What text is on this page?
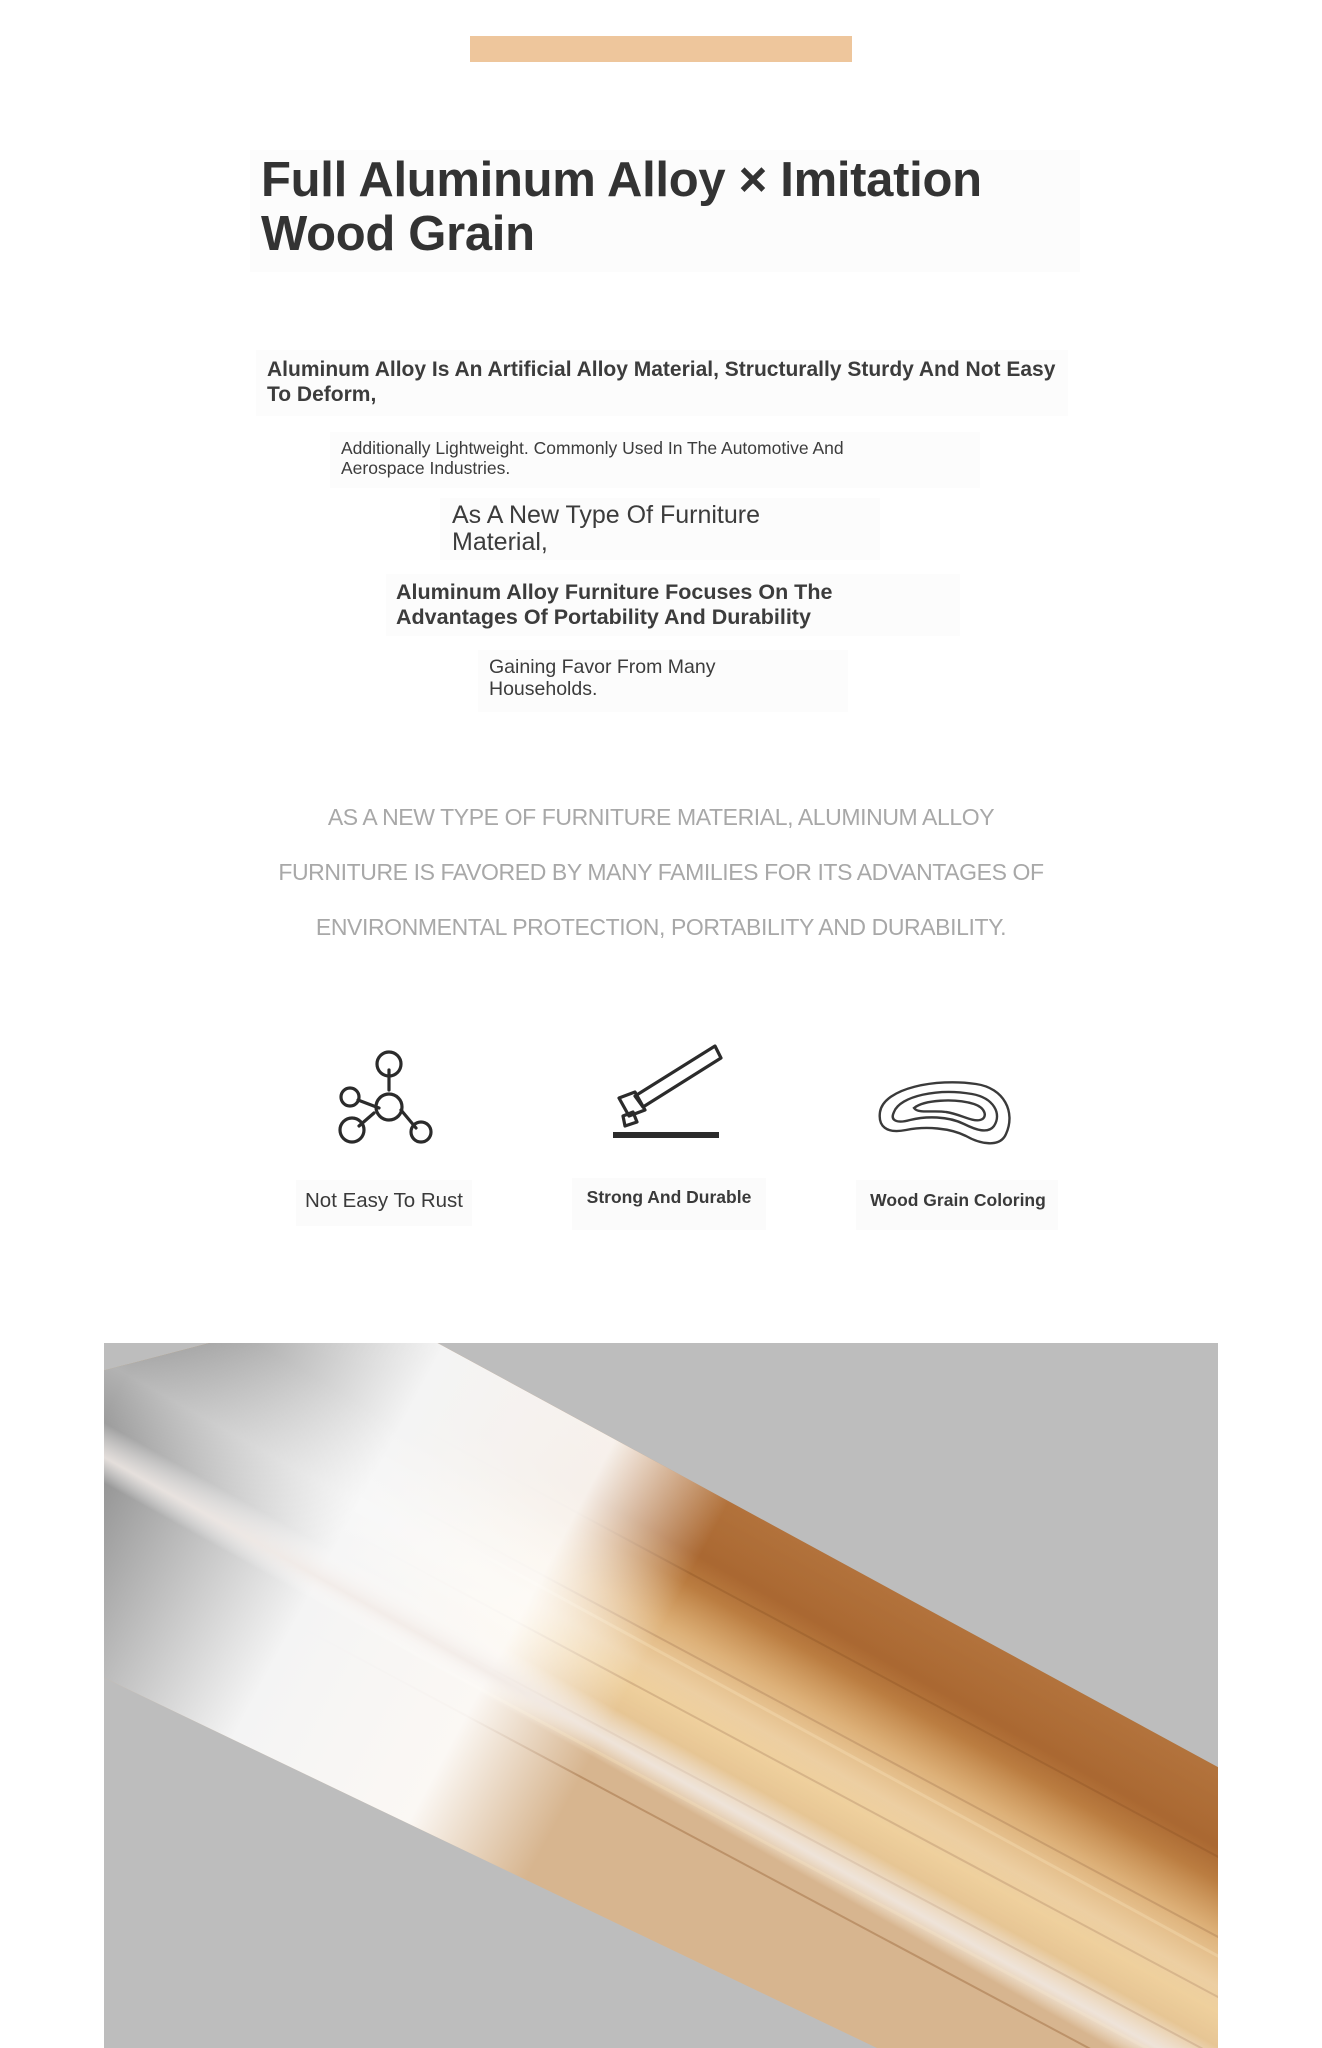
Full Aluminum Alloy × Imitation Wood Grain

Aluminum Alloy Is An Artificial Alloy Material, Structurally Sturdy And Not Easy To Deform,

Additionally Lightweight. Commonly Used In The Automotive And Aerospace Industries.

As A New Type Of Furniture Material,

Aluminum Alloy Furniture Focuses On The Advantages Of Portability And Durability

Gaining Favor From Many Households.

AS A NEW TYPE OF FURNITURE MATERIAL, ALUMINUM ALLOY
FURNITURE IS FAVORED BY MANY FAMILIES FOR ITS ADVANTAGES OF
ENVIRONMENTAL PROTECTION, PORTABILITY AND DURABILITY.
Not Easy To Rust	Strong And Durable	Wood Grain Coloring
